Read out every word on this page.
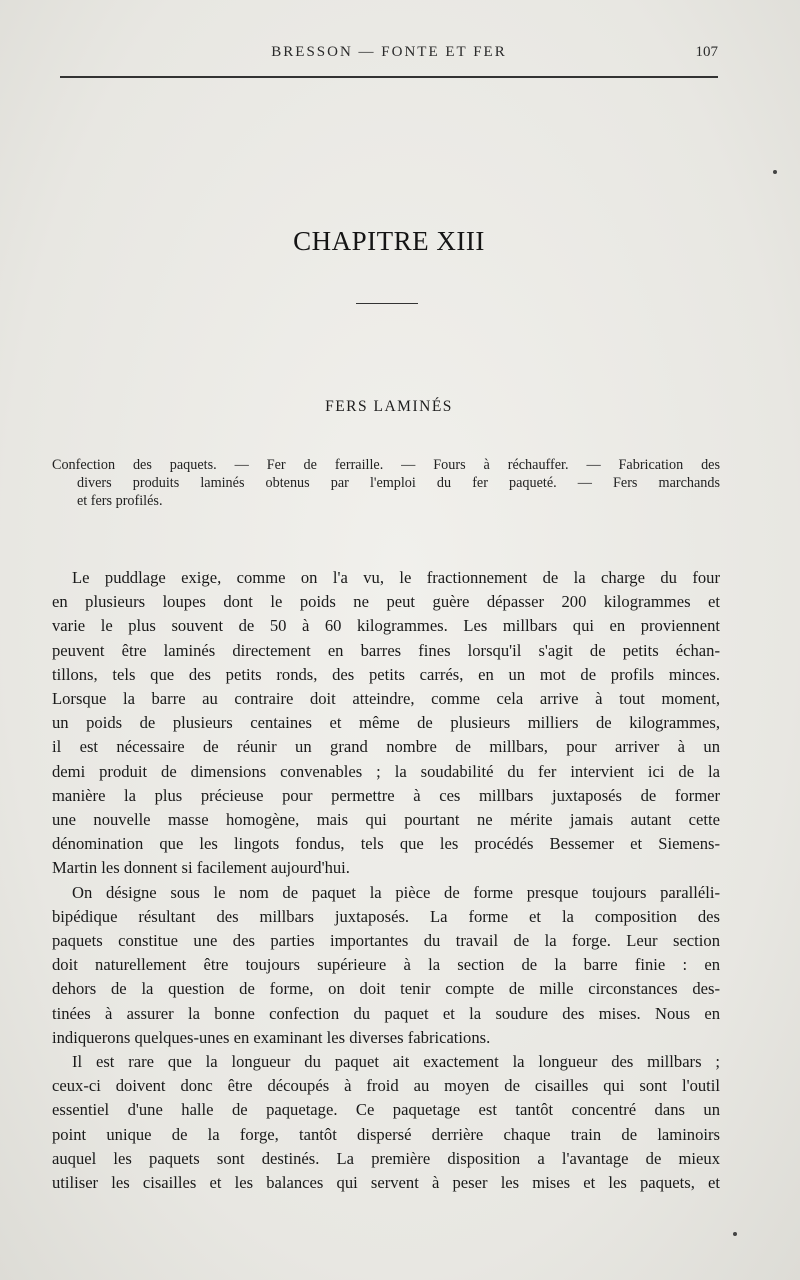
BRESSON — FONTE ET FER	107
CHAPITRE XIII
FERS LAMINÉS
Confection des paquets. — Fer de ferraille. — Fours à réchauffer. — Fabrication des
divers produits laminés obtenus par l'emploi du fer paqueté. — Fers marchands
et fers profilés.

Le puddlage exige, comme on l'a vu, le fractionnement de la charge du four
en plusieurs loupes dont le poids ne peut guère dépasser 200 kilogrammes et
varie le plus souvent de 50 à 60 kilogrammes. Les millbars qui en proviennent
peuvent être laminés directement en barres fines lorsqu'il s'agit de petits échan-
tillons, tels que des petits ronds, des petits carrés, en un mot de profils minces.
Lorsque la barre au contraire doit atteindre, comme cela arrive à tout moment,
un poids de plusieurs centaines et même de plusieurs milliers de kilogrammes,
il est nécessaire de réunir un grand nombre de millbars, pour arriver à un
demi produit de dimensions convenables ; la soudabilité du fer intervient ici de la
manière la plus précieuse pour permettre à ces millbars juxtaposés de former
une nouvelle masse homogène, mais qui pourtant ne mérite jamais autant cette
dénomination que les lingots fondus, tels que les procédés Bessemer et Siemens-
Martin les donnent si facilement aujourd'hui.

On désigne sous le nom de paquet la pièce de forme presque toujours paralléli-
bipédique résultant des millbars juxtaposés. La forme et la composition des
paquets constitue une des parties importantes du travail de la forge. Leur section
doit naturellement être toujours supérieure à la section de la barre finie : en
dehors de la question de forme, on doit tenir compte de mille circonstances des-
tinées à assurer la bonne confection du paquet et la soudure des mises. Nous en
indiquerons quelques-unes en examinant les diverses fabrications.

Il est rare que la longueur du paquet ait exactement la longueur des millbars ;
ceux-ci doivent donc être découpés à froid au moyen de cisailles qui sont l'outil
essentiel d'une halle de paquetage. Ce paquetage est tantôt concentré dans un
point unique de la forge, tantôt dispersé derrière chaque train de laminoirs
auquel les paquets sont destinés. La première disposition a l'avantage de mieux
utiliser les cisailles et les balances qui servent à peser les mises et les paquets, et
